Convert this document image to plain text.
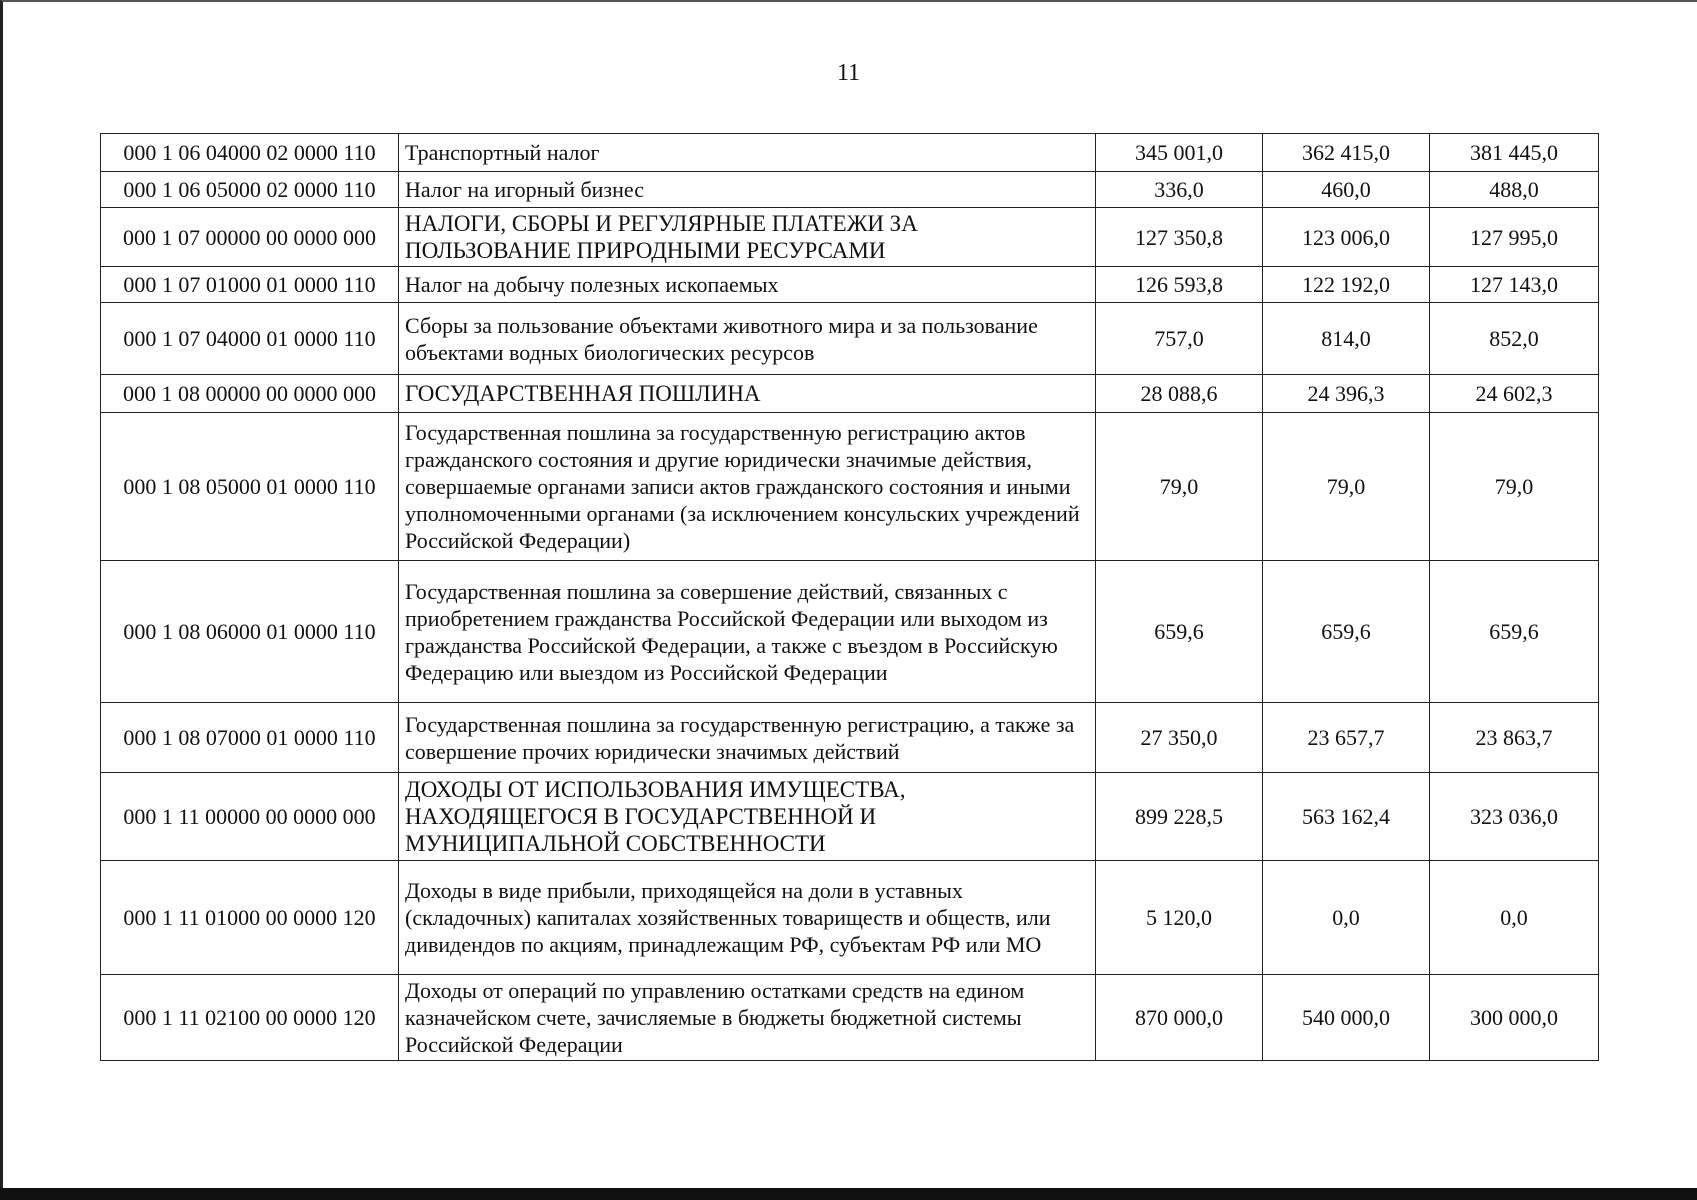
11
000 1 06 04000 02 0000 110	Транспортный налог	345 001,0	362 415,0	381 445,0
000 1 06 05000 02 0000 110	Налог на игорный бизнес	336,0	460,0	488,0
000 1 07 00000 00 0000 000	НАЛОГИ, СБОРЫ И РЕГУЛЯРНЫЕ ПЛАТЕЖИ ЗА ПОЛЬЗОВАНИЕ ПРИРОДНЫМИ РЕСУРСАМИ	127 350,8	123 006,0	127 995,0
000 1 07 01000 01 0000 110	Налог на добычу полезных ископаемых	126 593,8	122 192,0	127 143,0
000 1 07 04000 01 0000 110	Сборы за пользование объектами животного мира и за пользование объектами водных биологических ресурсов	757,0	814,0	852,0
000 1 08 00000 00 0000 000	ГОСУДАРСТВЕННАЯ ПОШЛИНА	28 088,6	24 396,3	24 602,3
000 1 08 05000 01 0000 110	Государственная пошлина за государственную регистрацию актов гражданского состояния и другие юридически значимые действия, совершаемые органами записи актов гражданского состояния и иными уполномоченными органами (за исключением консульских учреждений Российской Федерации)	79,0	79,0	79,0
000 1 08 06000 01 0000 110	Государственная пошлина за совершение действий, связанных с приобретением гражданства Российской Федерации или выходом из гражданства Российской Федерации, а также с въездом в Российскую Федерацию или выездом из Российской Федерации	659,6	659,6	659,6
000 1 08 07000 01 0000 110	Государственная пошлина за государственную регистрацию, а также за совершение прочих юридически значимых действий	27 350,0	23 657,7	23 863,7
000 1 11 00000 00 0000 000	ДОХОДЫ ОТ ИСПОЛЬЗОВАНИЯ ИМУЩЕСТВА, НАХОДЯЩЕГОСЯ В ГОСУДАРСТВЕННОЙ И МУНИЦИПАЛЬНОЙ СОБСТВЕННОСТИ	899 228,5	563 162,4	323 036,0
000 1 11 01000 00 0000 120	Доходы в виде прибыли, приходящейся на доли в уставных (складочных) капиталах хозяйственных товариществ и обществ, или дивидендов по акциям, принадлежащим РФ, субъектам РФ или МО	5 120,0	0,0	0,0
000 1 11 02100 00 0000 120	Доходы от операций по управлению остатками средств на едином казначейском счете, зачисляемые в бюджеты бюджетной системы Российской Федерации	870 000,0	540 000,0	300 000,0
